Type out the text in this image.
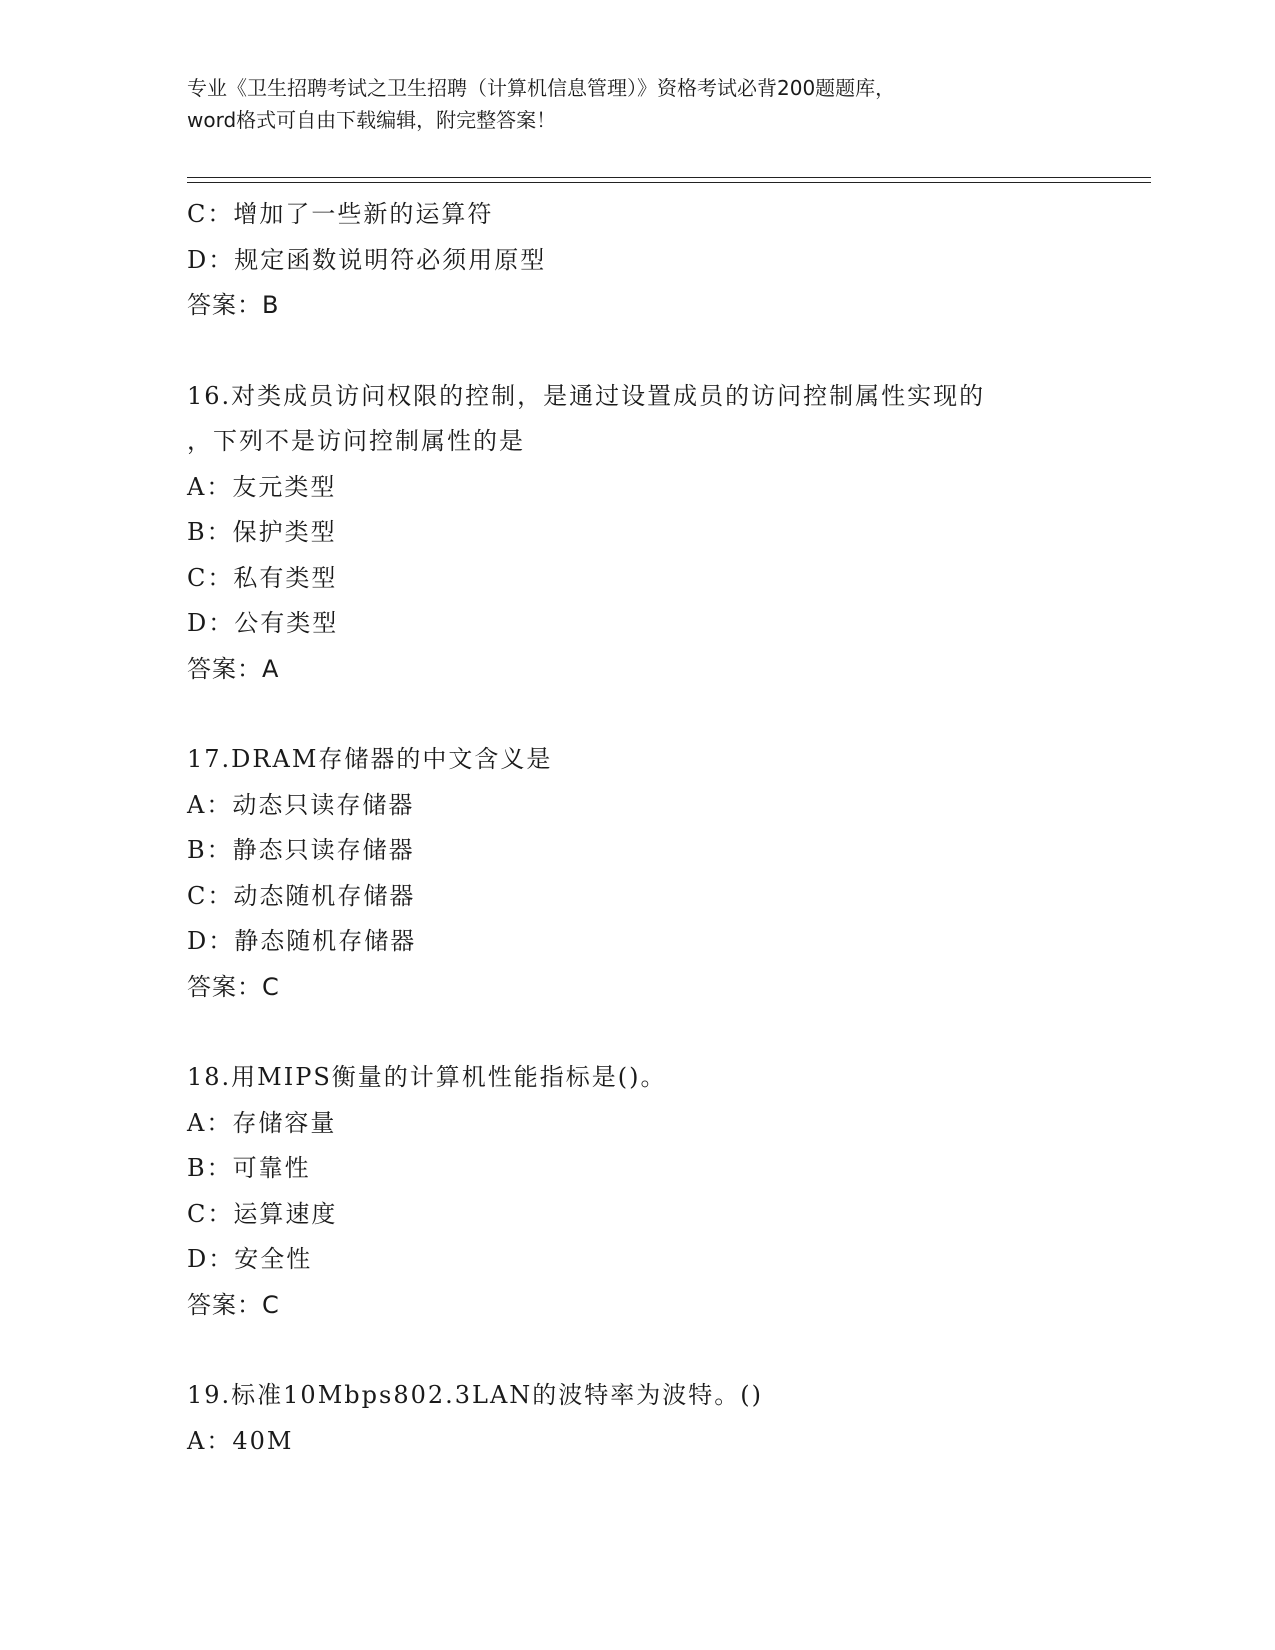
专业《卫生招聘考试之卫生招聘（计算机信息管理）》资格考试必背200题题库，
word格式可自由下载编辑，附完整答案！
C：增加了一些新的运算符
D：规定函数说明符必须用原型
答案：B
16.对类成员访问权限的控制，是通过设置成员的访问控制属性实现的
，下列不是访问控制属性的是
A：友元类型
B：保护类型
C：私有类型
D：公有类型
答案：A
17.DRAM存储器的中文含义是
A：动态只读存储器
B：静态只读存储器
C：动态随机存储器
D：静态随机存储器
答案：C
18.用MIPS衡量的计算机性能指标是()。
A：存储容量
B：可靠性
C：运算速度
D：安全性
答案：C
19.标准10Mbps802.3LAN的波特率为波特。()
A：40M
